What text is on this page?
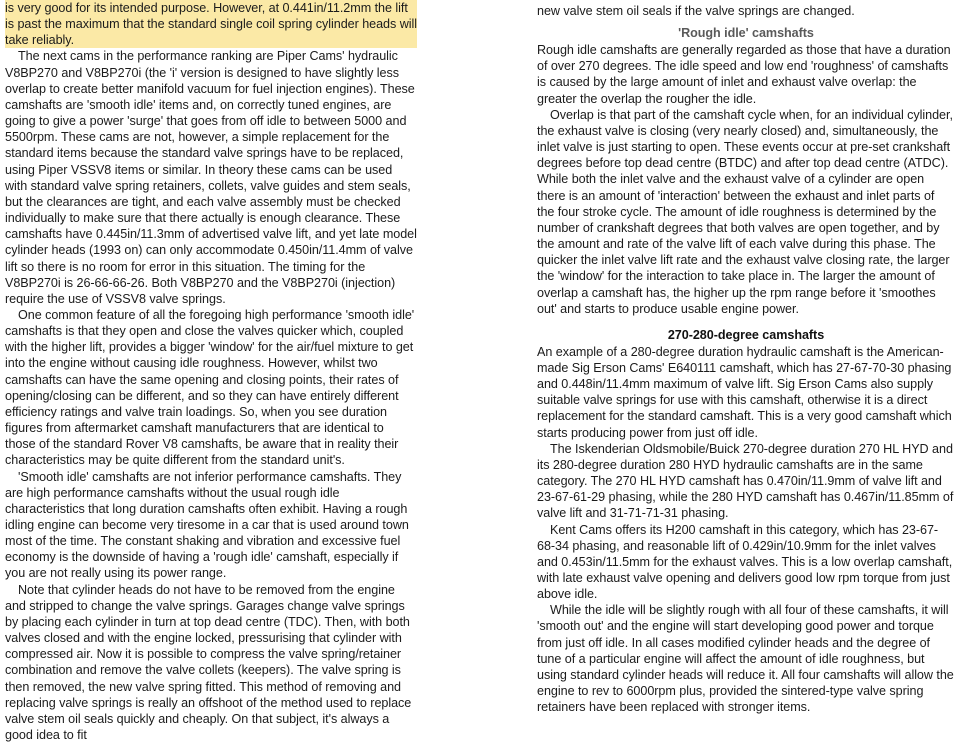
is very good for its intended purpose. However, at 0.441in/11.2mm the lift is past the maximum that the standard single coil spring cylinder heads will take reliably.

The next cams in the performance ranking are Piper Cams' hydraulic V8BP270 and V8BP270i (the 'i' version is designed to have slightly less overlap to create better manifold vacuum for fuel injection engines). These camshafts are 'smooth idle' items and, on correctly tuned engines, are going to give a power 'surge' that goes from off idle to between 5000 and 5500rpm. These cams are not, however, a simple replacement for the standard items because the standard valve springs have to be replaced, using Piper VSSV8 items or similar. In theory these cams can be used with standard valve spring retainers, collets, valve guides and stem seals, but the clearances are tight, and each valve assembly must be checked individually to make sure that there actually is enough clearance. These camshafts have 0.445in/11.3mm of advertised valve lift, and yet late model cylinder heads (1993 on) can only accommodate 0.450in/11.4mm of valve lift so there is no room for error in this situation. The timing for the V8BP270i is 26-66-66-26. Both V8BP270 and the V8BP270i (injection) require the use of VSSV8 valve springs.

One common feature of all the foregoing high performance 'smooth idle' camshafts is that they open and close the valves quicker which, coupled with the higher lift, provides a bigger 'window' for the air/fuel mixture to get into the engine without causing idle roughness. However, whilst two camshafts can have the same opening and closing points, their rates of opening/closing can be different, and so they can have entirely different efficiency ratings and valve train loadings. So, when you see duration figures from aftermarket camshaft manufacturers that are identical to those of the standard Rover V8 camshafts, be aware that in reality their characteristics may be quite different from the standard unit's.

'Smooth idle' camshafts are not inferior performance camshafts. They are high performance camshafts without the usual rough idle characteristics that long duration camshafts often exhibit. Having a rough idling engine can become very tiresome in a car that is used around town most of the time. The constant shaking and vibration and excessive fuel economy is the downside of having a 'rough idle' camshaft, especially if you are not really using its power range.

Note that cylinder heads do not have to be removed from the engine and stripped to change the valve springs. Garages change valve springs by placing each cylinder in turn at top dead centre (TDC). Then, with both valves closed and with the engine locked, pressurising that cylinder with compressed air. Now it is possible to compress the valve spring/retainer combination and remove the valve collets (keepers). The valve spring is then removed, the new valve spring fitted. This method of removing and replacing valve springs is really an offshoot of the method used to replace valve stem oil seals quickly and cheaply. On that subject, it's always a good idea to fit

new valve stem oil seals if the valve springs are changed.

'Rough idle' camshafts

Rough idle camshafts are generally regarded as those that have a duration of over 270 degrees. The idle speed and low end 'roughness' of camshafts is caused by the large amount of inlet and exhaust valve overlap: the greater the overlap the rougher the idle.

Overlap is that part of the camshaft cycle when, for an individual cylinder, the exhaust valve is closing (very nearly closed) and, simultaneously, the inlet valve is just starting to open. These events occur at pre-set crankshaft degrees before top dead centre (BTDC) and after top dead centre (ATDC). While both the inlet valve and the exhaust valve of a cylinder are open there is an amount of 'interaction' between the exhaust and inlet parts of the four stroke cycle. The amount of idle roughness is determined by the number of crankshaft degrees that both valves are open together, and by the amount and rate of the valve lift of each valve during this phase. The quicker the inlet valve lift rate and the exhaust valve closing rate, the larger the 'window' for the interaction to take place in. The larger the amount of overlap a camshaft has, the higher up the rpm range before it 'smoothes out' and starts to produce usable engine power.

270-280-degree camshafts

An example of a 280-degree duration hydraulic camshaft is the American-made Sig Erson Cams' E640111 camshaft, which has 27-67-70-30 phasing and 0.448in/11.4mm maximum of valve lift. Sig Erson Cams also supply suitable valve springs for use with this camshaft, otherwise it is a direct replacement for the standard camshaft. This is a very good camshaft which starts producing power from just off idle.

The Iskenderian Oldsmobile/Buick 270-degree duration 270 HL HYD and its 280-degree duration 280 HYD hydraulic camshafts are in the same category. The 270 HL HYD camshaft has 0.470in/11.9mm of valve lift and 23-67-61-29 phasing, while the 280 HYD camshaft has 0.467in/11.85mm of valve lift and 31-71-71-31 phasing.

Kent Cams offers its H200 camshaft in this category, which has 23-67-68-34 phasing, and reasonable lift of 0.429in/10.9mm for the inlet valves and 0.453in/11.5mm for the exhaust valves. This is a low overlap camshaft, with late exhaust valve opening and delivers good low rpm torque from just above idle.

While the idle will be slightly rough with all four of these camshafts, it will 'smooth out' and the engine will start developing good power and torque from just off idle. In all cases modified cylinder heads and the degree of tune of a particular engine will affect the amount of idle roughness, but using standard cylinder heads will reduce it. All four camshafts will allow the engine to rev to 6000rpm plus, provided the sintered-type valve spring retainers have been replaced with stronger items.
